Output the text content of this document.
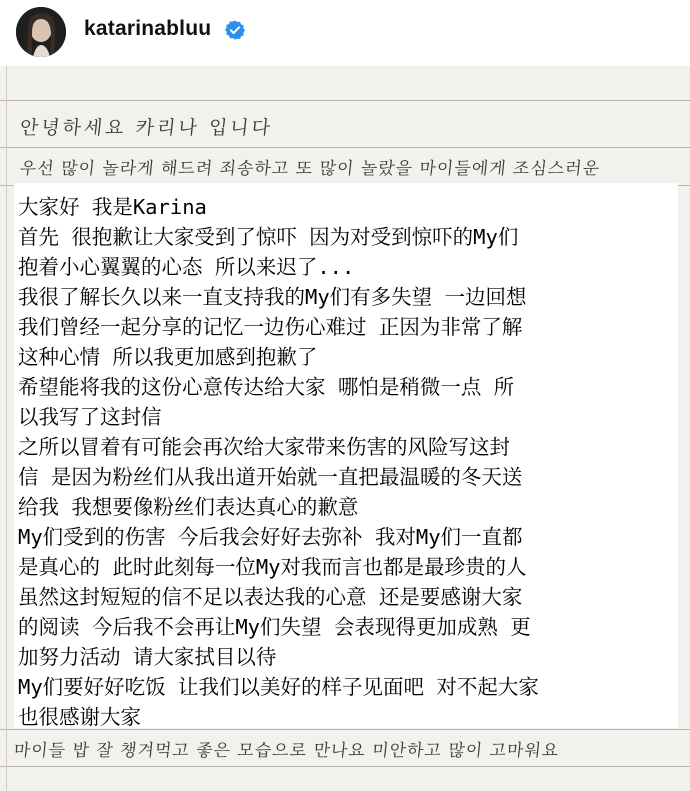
katarinabluu
안녕하세요 카리나 입니다
우선 많이 놀라게 해드려 죄송하고 또 많이 놀랐을 마이들에게 조심스러운
마이들 밥 잘 챙겨먹고 좋은 모습으로 만나요 미안하고 많이 고마워요
大家好 我是Karina
首先 很抱歉让大家受到了惊吓 因为对受到惊吓的My们
抱着小心翼翼的心态 所以来迟了...
我很了解长久以来一直支持我的My们有多失望 一边回想
我们曾经一起分享的记忆一边伤心难过 正因为非常了解
这种心情 所以我更加感到抱歉了
希望能将我的这份心意传达给大家 哪怕是稍微一点 所
以我写了这封信
之所以冒着有可能会再次给大家带来伤害的风险写这封
信 是因为粉丝们从我出道开始就一直把最温暖的冬天送
给我 我想要像粉丝们表达真心的歉意
My们受到的伤害 今后我会好好去弥补 我对My们一直都
是真心的 此时此刻每一位My对我而言也都是最珍贵的人
虽然这封短短的信不足以表达我的心意 还是要感谢大家
的阅读 今后我不会再让My们失望 会表现得更加成熟 更
加努力活动 请大家拭目以待
My们要好好吃饭 让我们以美好的样子见面吧 对不起大家
也很感谢大家
